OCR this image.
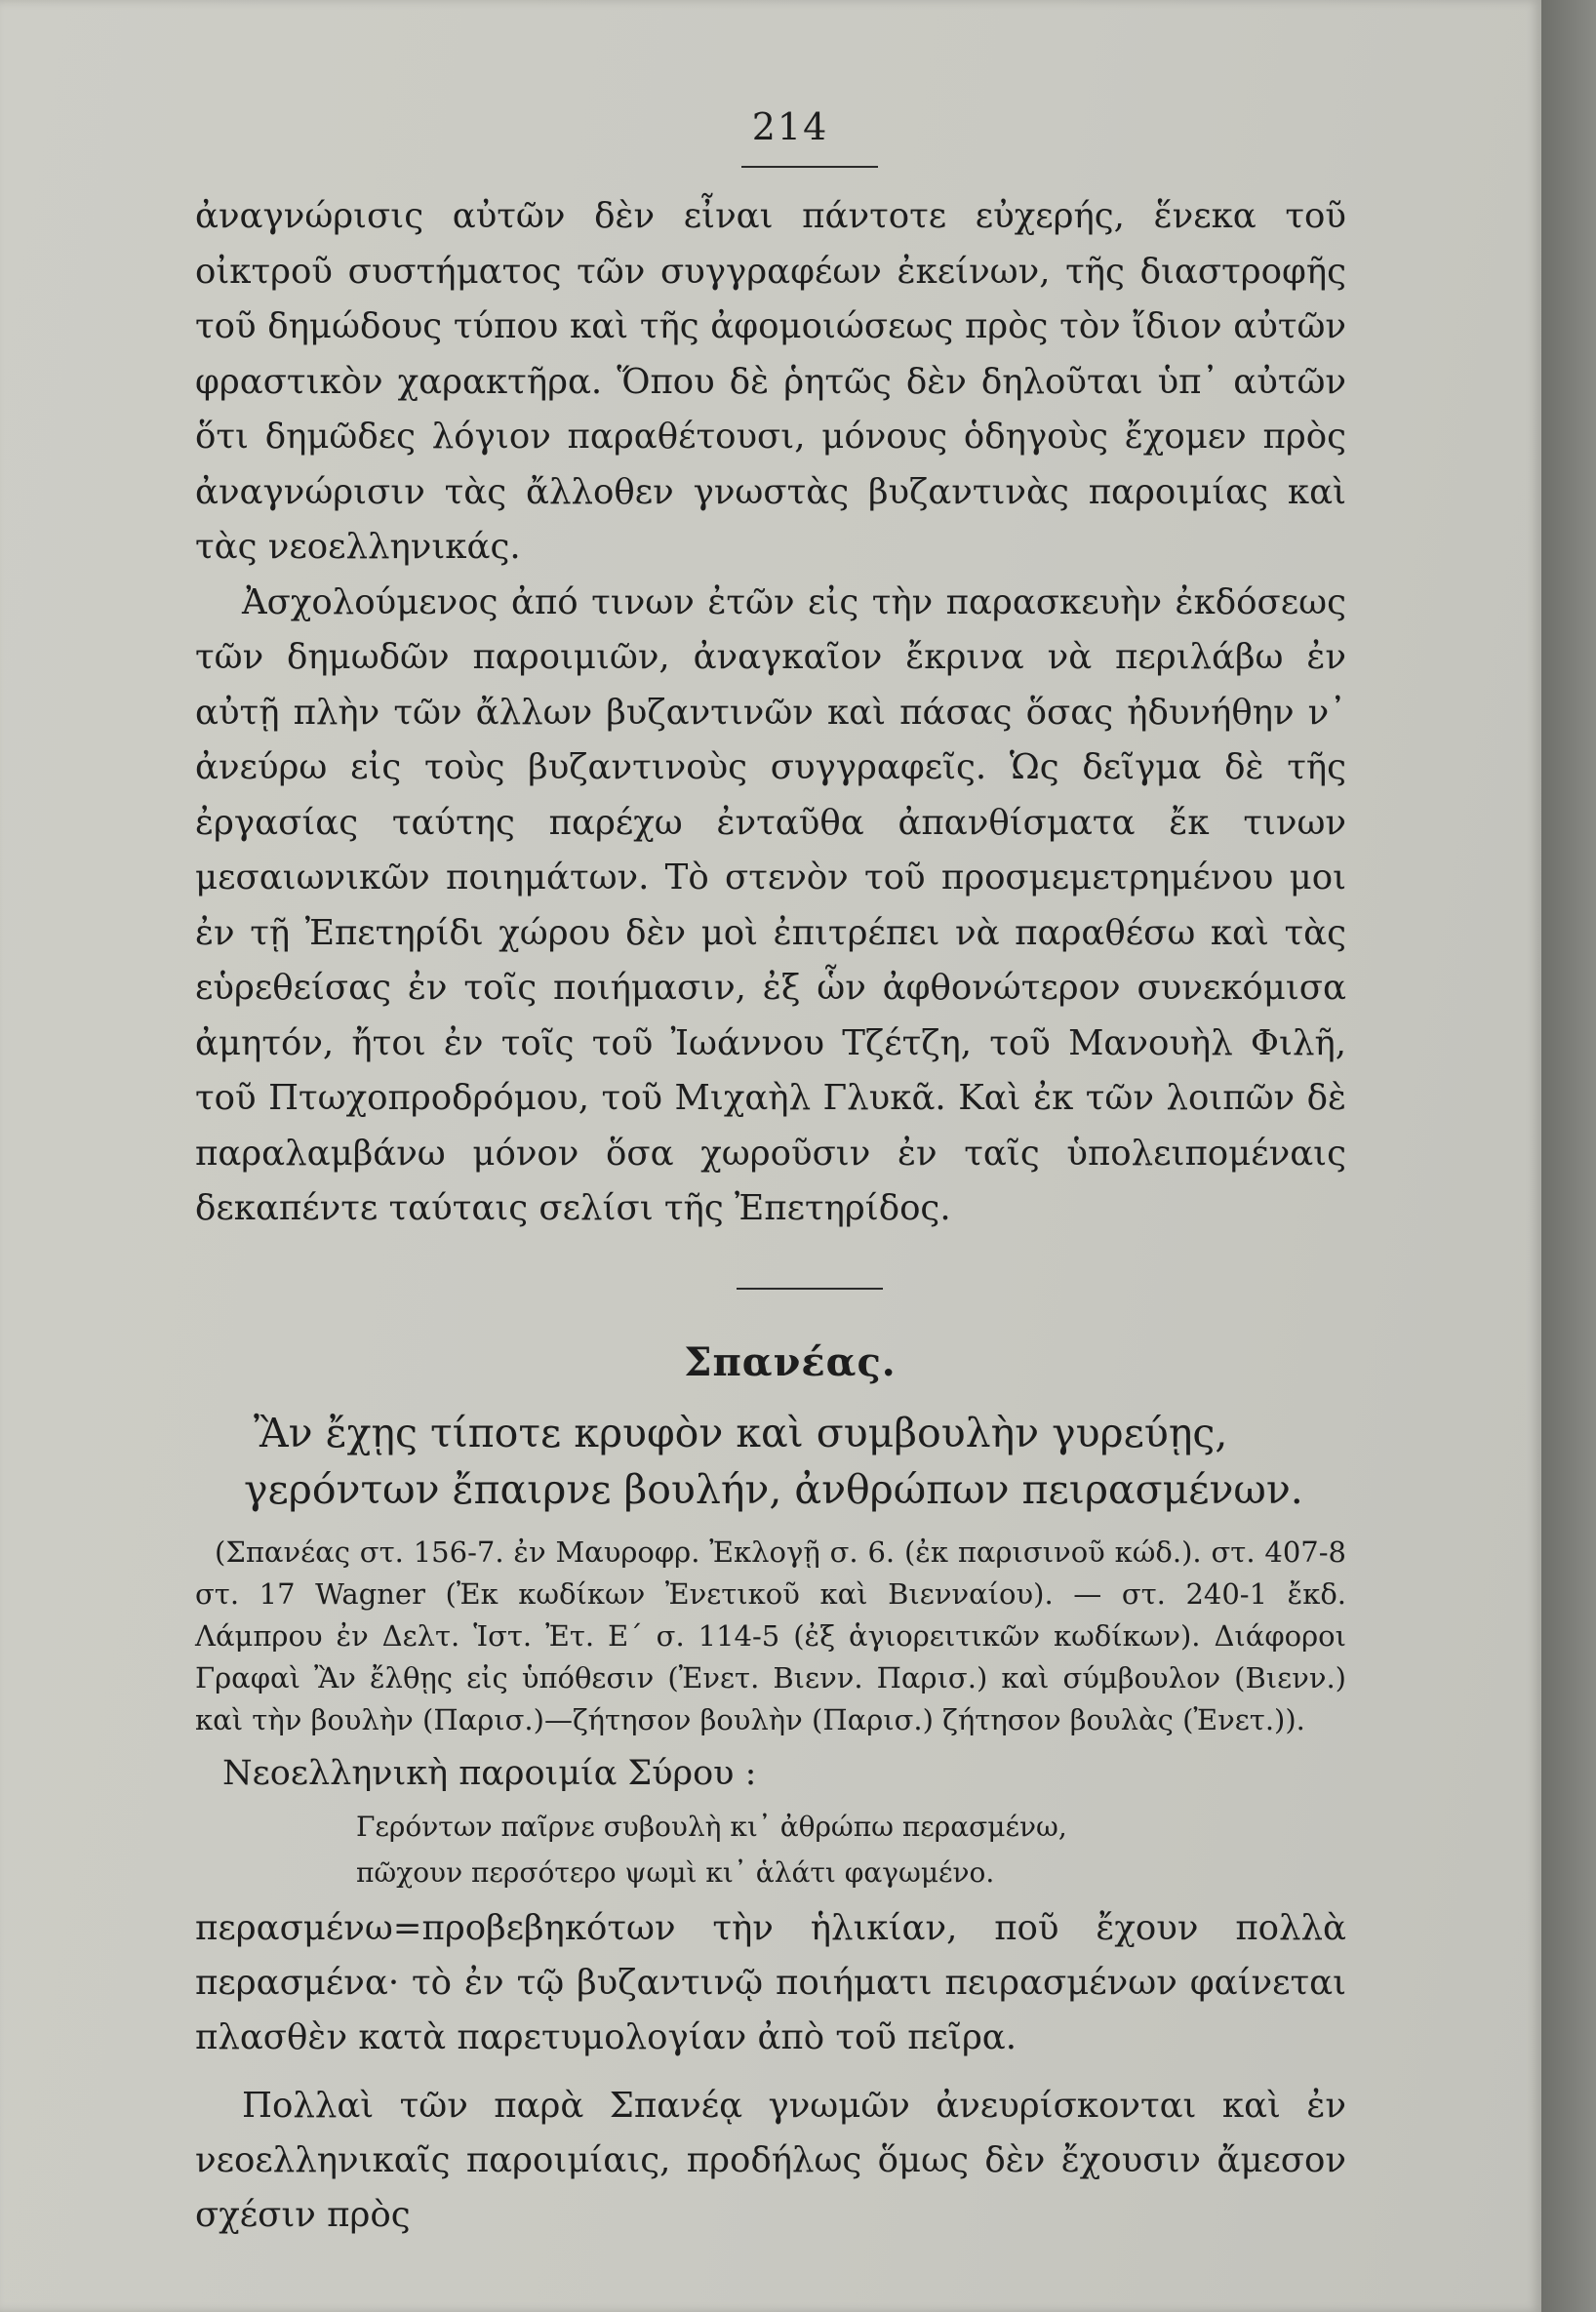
214

ἀναγνώρισις αὐτῶν δὲν εἶναι πάντοτε εὐχερής, ἕνεκα τοῦ οἰκτροῦ συστήματος τῶν συγγραφέων ἐκείνων, τῆς διαστροφῆς τοῦ δημώδους τύπου καὶ τῆς ἀφομοιώσεως πρὸς τὸν ἴδιον αὐτῶν φραστικὸν χαρακτῆρα. Ὅπου δὲ ῥητῶς δὲν δηλοῦται ὑπ᾽ αὐτῶν ὅτι δημῶδες λόγιον παραθέτουσι, μόνους ὁδηγοὺς ἔχομεν πρὸς ἀναγνώρισιν τὰς ἄλλοθεν γνωστὰς βυζαντινὰς παροιμίας καὶ τὰς νεοελληνικάς.

Ἀσχολούμενος ἀπό τινων ἐτῶν εἰς τὴν παρασκευὴν ἐκδόσεως τῶν δημωδῶν παροιμιῶν, ἀναγκαῖον ἔκρινα νὰ περιλάβω ἐν αὐτῇ πλὴν τῶν ἄλλων βυζαντινῶν καὶ πάσας ὅσας ἠδυνήθην ν᾽ ἀνεύρω εἰς τοὺς βυζαντινοὺς συγγραφεῖς. Ὡς δεῖγμα δὲ τῆς ἐργασίας ταύτης παρέχω ἐνταῦθα ἀπανθίσματα ἔκ τινων μεσαιωνικῶν ποιημάτων. Τὸ στενὸν τοῦ προσμεμετρημένου μοι ἐν τῇ Ἐπετηρίδι χώρου δὲν μοὶ ἐπιτρέπει νὰ παραθέσω καὶ τὰς εὑρεθείσας ἐν τοῖς ποιήμασιν, ἐξ ὧν ἀφθονώτερον συνεκόμισα ἀμητόν, ἤτοι ἐν τοῖς τοῦ Ἰωάννου Τζέτζη, τοῦ Μανουὴλ Φιλῆ, τοῦ Πτωχοπροδρόμου, τοῦ Μιχαὴλ Γλυκᾶ. Καὶ ἐκ τῶν λοιπῶν δὲ παραλαμβάνω μόνον ὅσα χωροῦσιν ἐν ταῖς ὑπολειπομέναις δεκαπέντε ταύταις σελίσι τῆς Ἐπετηρίδος.

Σπανέας.
Ἂν ἔχῃς τίποτε κρυφὸν καὶ συμβουλὴν γυρεύῃς,
γερόντων ἔπαιρνε βουλήν, ἀνθρώπων πειρασμένων.

(Σπανέας στ. 156-7. ἐν Μαυροφρ. Ἐκλογῇ σ. 6. (ἐκ παρισινοῦ κώδ.). στ. 407-8 στ. 17 Wagner (Ἐκ κωδίκων Ἐνετικοῦ καὶ Βιενναίου). — στ. 240-1 ἔκδ. Λάμπρου ἐν Δελτ. Ἱστ. Ἐτ. Ε´ σ. 114-5 (ἐξ ἁγιορειτικῶν κωδίκων). Διάφοροι Γραφαὶ Ἂν ἔλθῃς εἰς ὑπόθεσιν (Ἐνετ. Βιενν. Παρισ.) καὶ σύμβουλον (Βιενν.) καὶ τὴν βουλὴν (Παρισ.)—ζήτησον βουλὴν (Παρισ.) ζήτησον βουλὰς (Ἐνετ.)).

Νεοελληνικὴ παροιμία Σύρου :
Γερόντων παῖρνε συβουλὴ κι᾽ ἀθρώπω περασμένω,
πῶχουν περσότερο ψωμὶ κι᾽ ἁλάτι φαγωμένο.

περασμένω=προβεβηκότων τὴν ἡλικίαν, ποῦ ἔχουν πολλὰ περασμένα· τὸ ἐν τῷ βυζαντινῷ ποιήματι πειρασμένων φαίνεται πλασθὲν κατὰ παρετυμολογίαν ἀπὸ τοῦ πεῖρα.

Πολλαὶ τῶν παρὰ Σπανέᾳ γνωμῶν ἀνευρίσκονται καὶ ἐν νεοελληνικαῖς παροιμίαις, προδήλως ὅμως δὲν ἔχουσιν ἄμεσον σχέσιν πρὸς
